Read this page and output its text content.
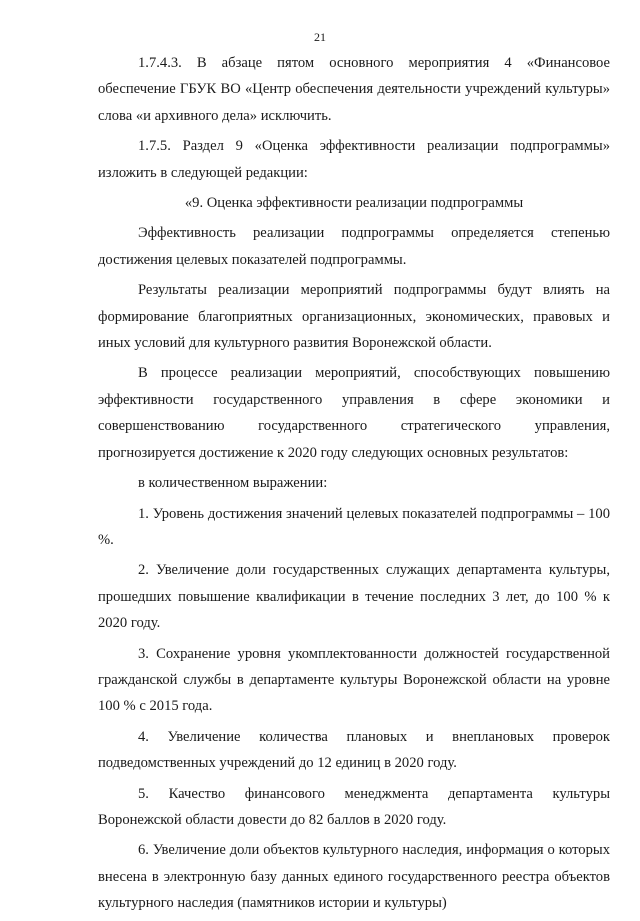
21

1.7.4.3. В абзаце пятом основного мероприятия 4 «Финансовое обеспечение ГБУК ВО «Центр обеспечения деятельности учреждений культуры» слова «и архивного дела» исключить.

1.7.5. Раздел 9 «Оценка эффективности реализации подпрограммы» изложить в следующей редакции:

«9. Оценка эффективности реализации подпрограммы

Эффективность реализации подпрограммы определяется степенью достижения целевых показателей подпрограммы.

Результаты реализации мероприятий подпрограммы будут влиять на формирование благоприятных организационных, экономических, правовых и иных условий для культурного развития Воронежской области.

В процессе реализации мероприятий, способствующих повышению эффективности государственного управления в сфере экономики и совершенствованию государственного стратегического управления, прогнозируется достижение к 2020 году следующих основных результатов:

в количественном выражении:

1. Уровень достижения значений целевых показателей подпрограммы – 100 %.

2. Увеличение доли государственных служащих департамента культуры, прошедших повышение квалификации в течение последних 3 лет, до 100 % к 2020 году.

3. Сохранение уровня укомплектованности должностей государственной гражданской службы в департаменте культуры Воронежской области на уровне 100 % с 2015 года.

4. Увеличение количества плановых и внеплановых проверок подведомственных учреждений до 12 единиц в 2020 году.

5. Качество финансового менеджмента департамента культуры Воронежской области довести до 82 баллов в 2020 году.

6. Увеличение доли объектов культурного наследия, информация о которых внесена в электронную базу данных единого государственного реестра объектов культурного наследия (памятников истории и культуры)
